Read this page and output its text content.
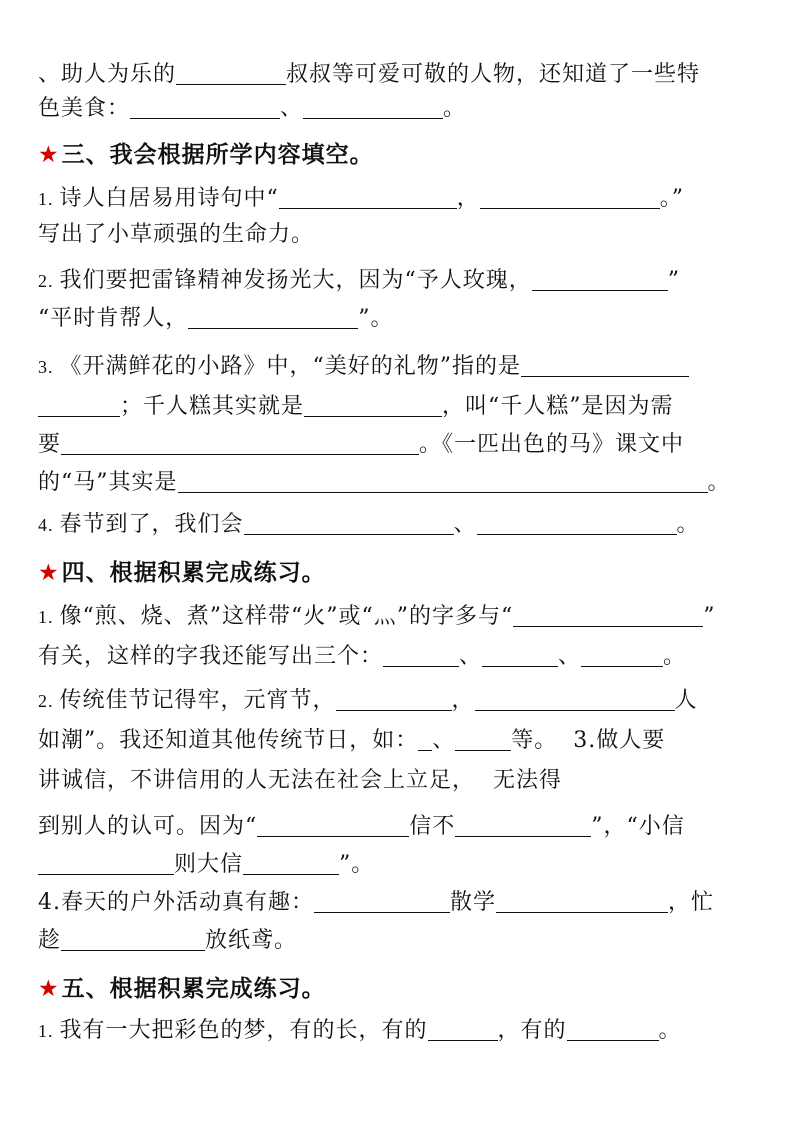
、助人为乐的	叔叔等可爱可敬的人物，还知道了一些特
色美食：	、	。
★三、我会根据所学内容填空。
1. 诗人白居易用诗句中“	，	。”
写出了小草顽强的生命力。
2. 我们要把雷锋精神发扬光大，因为“予人玫瑰，	”
“平时肯帮人，	”。
3. 《开满鲜花的小路》中，“美好的礼物”指的是
；千人糕其实就是	，叫“千人糕”是因为需
要	。《一匹出色的马》课文中
的“马”其实是	。
4. 春节到了，我们会	、	。
★四、根据积累完成练习。
1. 像“煎、烧、煮”这样带“火”或“灬”的字多与“	”
有关，这样的字我还能写出三个：	、	、	。
2. 传统佳节记得牢，元宵节，	，	人
如潮”。我还知道其他传统节日，如： 、	等。 3.做人要
讲诚信，不讲信用的人无法在社会上立足， 无法得
到别人的认可。因为“	信不	”，“小信
则大信	”。
4.春天的户外活动真有趣：	散学	，忙
趁	放纸鸢。
★五、根据积累完成练习。
1. 我有一大把彩色的梦，有的长，有的	，有的	。
